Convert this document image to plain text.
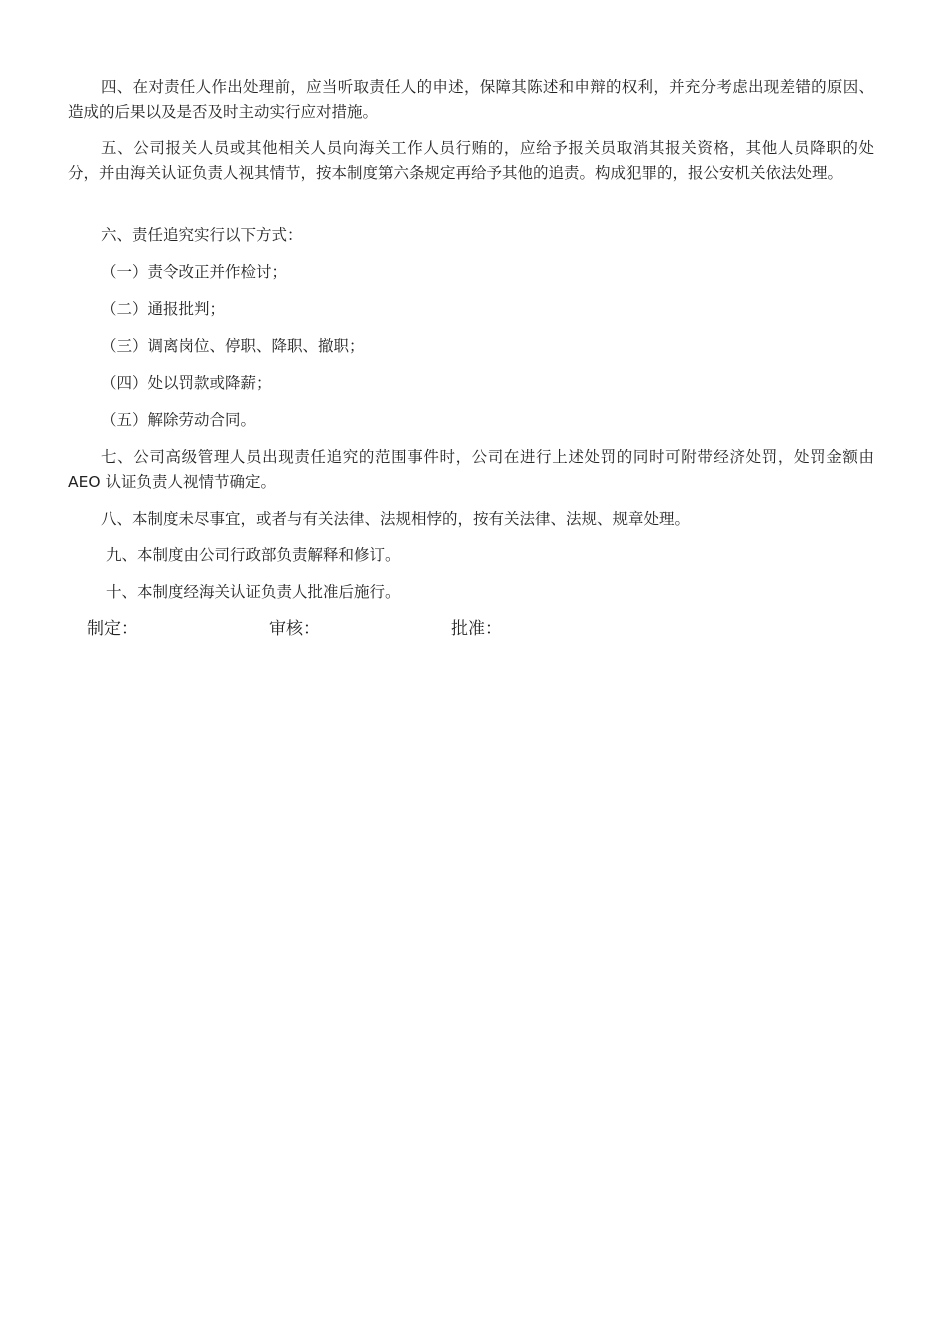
四、在对责任人作出处理前，应当听取责任人的申述，保障其陈述和申辩的权利，并充分考虑出现差错的原因、造成的后果以及是否及时主动实行应对措施。

五、公司报关人员或其他相关人员向海关工作人员行贿的，应给予报关员取消其报关资格，其他人员降职的处分，并由海关认证负责人视其情节，按本制度第六条规定再给予其他的追责。构成犯罪的，报公安机关依法处理。

六、责任追究实行以下方式：

（一）责令改正并作检讨；

（二）通报批判；

（三）调离岗位、停职、降职、撤职；

（四）处以罚款或降薪；

（五）解除劳动合同。

七、公司高级管理人员出现责任追究的范围事件时，公司在进行上述处罚的同时可附带经济处罚，处罚金额由 AEO 认证负责人视情节确定。

八、本制度未尽事宜，或者与有关法律、法规相悖的，按有关法律、法规、规章处理。

九、本制度由公司行政部负责解释和修订。

十、本制度经海关认证负责人批准后施行。

制定：	审核：	批准：
